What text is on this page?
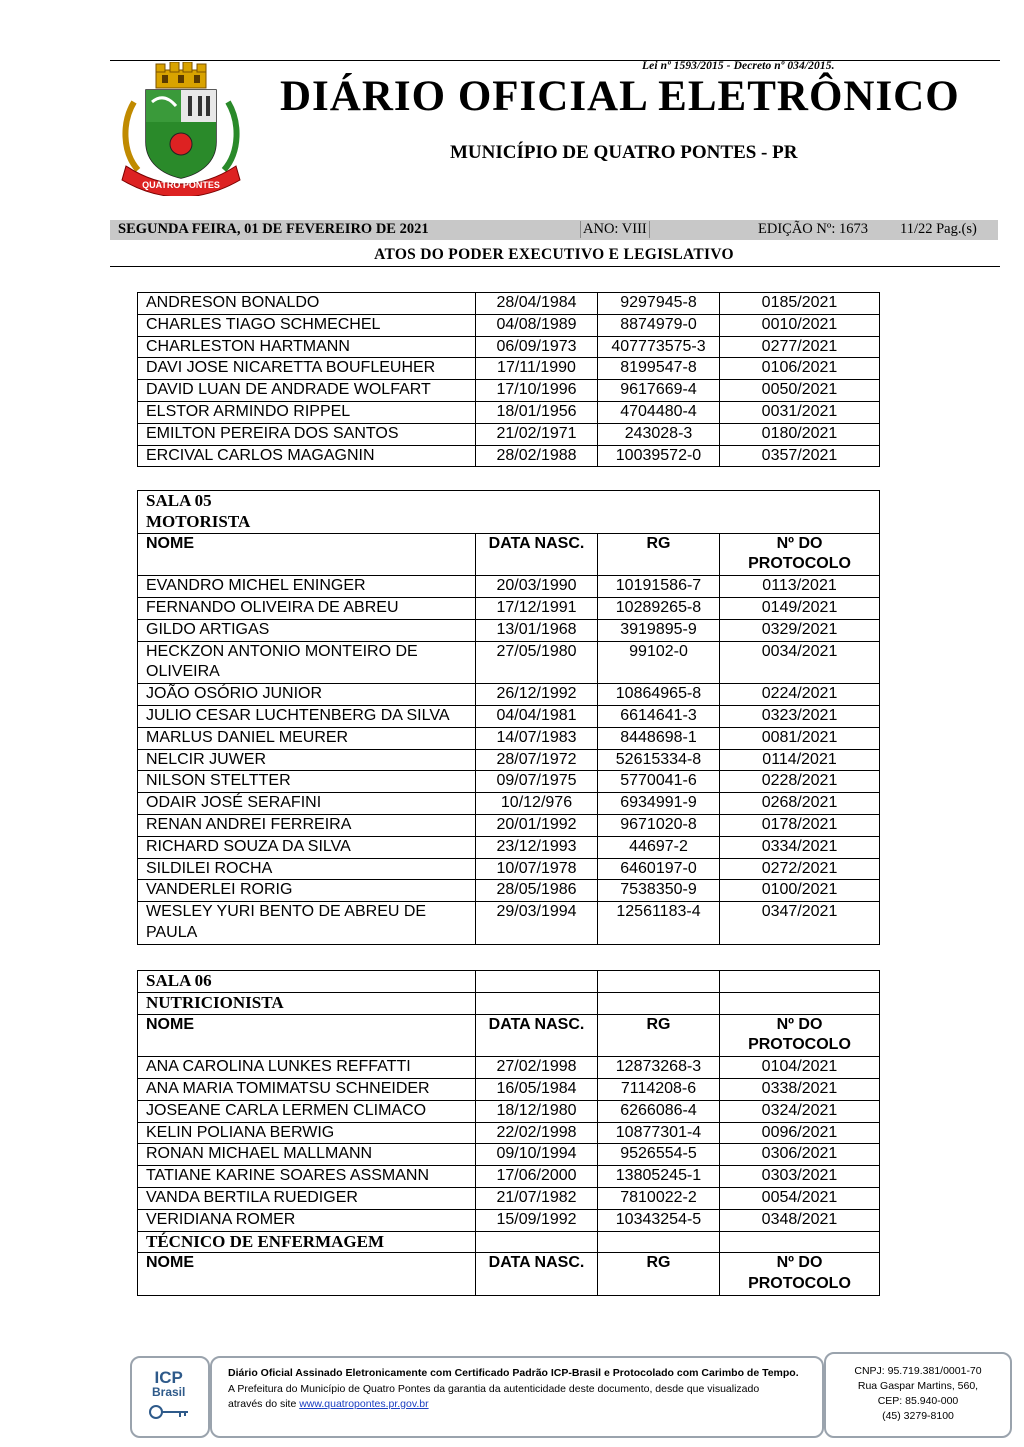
Lei nº 1593/2015 - Decreto nº 034/2015.
QUATRO PONTES
DIÁRIO OFICIAL ELETRÔNICO
MUNICÍPIO DE QUATRO PONTES - PR
SEGUNDA FEIRA, 01 DE FEVEREIRO DE 2021	ANO: VIII	EDIÇÃO Nº: 1673 11/22 Pag.(s)
ATOS DO PODER EXECUTIVO E LEGISLATIVO
ANDRESON BONALDO	28/04/1984	9297945-8	0185/2021
CHARLES TIAGO SCHMECHEL	04/08/1989	8874979-0	0010/2021
CHARLESTON HARTMANN	06/09/1973	407773575-3	0277/2021
DAVI JOSE NICARETTA BOUFLEUHER	17/11/1990	8199547-8	0106/2021
DAVID LUAN DE ANDRADE WOLFART	17/10/1996	9617669-4	0050/2021
ELSTOR ARMINDO RIPPEL	18/01/1956	4704480-4	0031/2021
EMILTON PEREIRA DOS SANTOS	21/02/1971	243028-3	0180/2021
ERCIVAL CARLOS MAGAGNIN	28/02/1988	10039572-0	0357/2021
SALA 05			
MOTORISTA			
NOME	DATA NASC.	RG	Nº DO PROTOCOLO
EVANDRO MICHEL ENINGER	20/03/1990	10191586-7	0113/2021
FERNANDO OLIVEIRA DE ABREU	17/12/1991	10289265-8	0149/2021
GILDO ARTIGAS	13/01/1968	3919895-9	0329/2021
HECKZON ANTONIO MONTEIRO DE OLIVEIRA	27/05/1980	99102-0	0034/2021
JOÃO OSÓRIO JUNIOR	26/12/1992	10864965-8	0224/2021
JULIO CESAR LUCHTENBERG DA SILVA	04/04/1981	6614641-3	0323/2021
MARLUS DANIEL MEURER	14/07/1983	8448698-1	0081/2021
NELCIR JUWER	28/07/1972	52615334-8	0114/2021
NILSON STELTTER	09/07/1975	5770041-6	0228/2021
ODAIR JOSÉ SERAFINI	10/12/976	6934991-9	0268/2021
RENAN ANDREI FERREIRA	20/01/1992	9671020-8	0178/2021
RICHARD SOUZA DA SILVA	23/12/1993	44697-2	0334/2021
SILDILEI ROCHA	10/07/1978	6460197-0	0272/2021
VANDERLEI RORIG	28/05/1986	7538350-9	0100/2021
WESLEY YURI BENTO DE ABREU DE PAULA	29/03/1994	12561183-4	0347/2021
SALA 06			
NUTRICIONISTA			
NOME	DATA NASC.	RG	Nº DO PROTOCOLO
ANA CAROLINA LUNKES REFFATTI	27/02/1998	12873268-3	0104/2021
ANA MARIA TOMIMATSU SCHNEIDER	16/05/1984	7114208-6	0338/2021
JOSEANE CARLA LERMEN CLIMACO	18/12/1980	6266086-4	0324/2021
KELIN POLIANA BERWIG	22/02/1998	10877301-4	0096/2021
RONAN MICHAEL MALLMANN	09/10/1994	9526554-5	0306/2021
TATIANE KARINE SOARES ASSMANN	17/06/2000	13805245-1	0303/2021
VANDA BERTILA RUEDIGER	21/07/1982	7810022-2	0054/2021
VERIDIANA ROMER	15/09/1992	10343254-5	0348/2021
TÉCNICO DE ENFERMAGEM			
NOME	DATA NASC.	RG	Nº DO PROTOCOLO
ICP
Brasil

Diário Oficial Assinado Eletronicamente com Certificado Padrão ICP-Brasil e Protocolado com Carimbo de Tempo.

A Prefeitura do Município de Quatro Pontes da garantia da autenticidade deste documento, desde que visualizado

através do site www.quatropontes.pr.gov.br

CNPJ: 95.719.381/0001-70

Rua Gaspar Martins, 560,

CEP: 85.940-000

(45) 3279-8100
